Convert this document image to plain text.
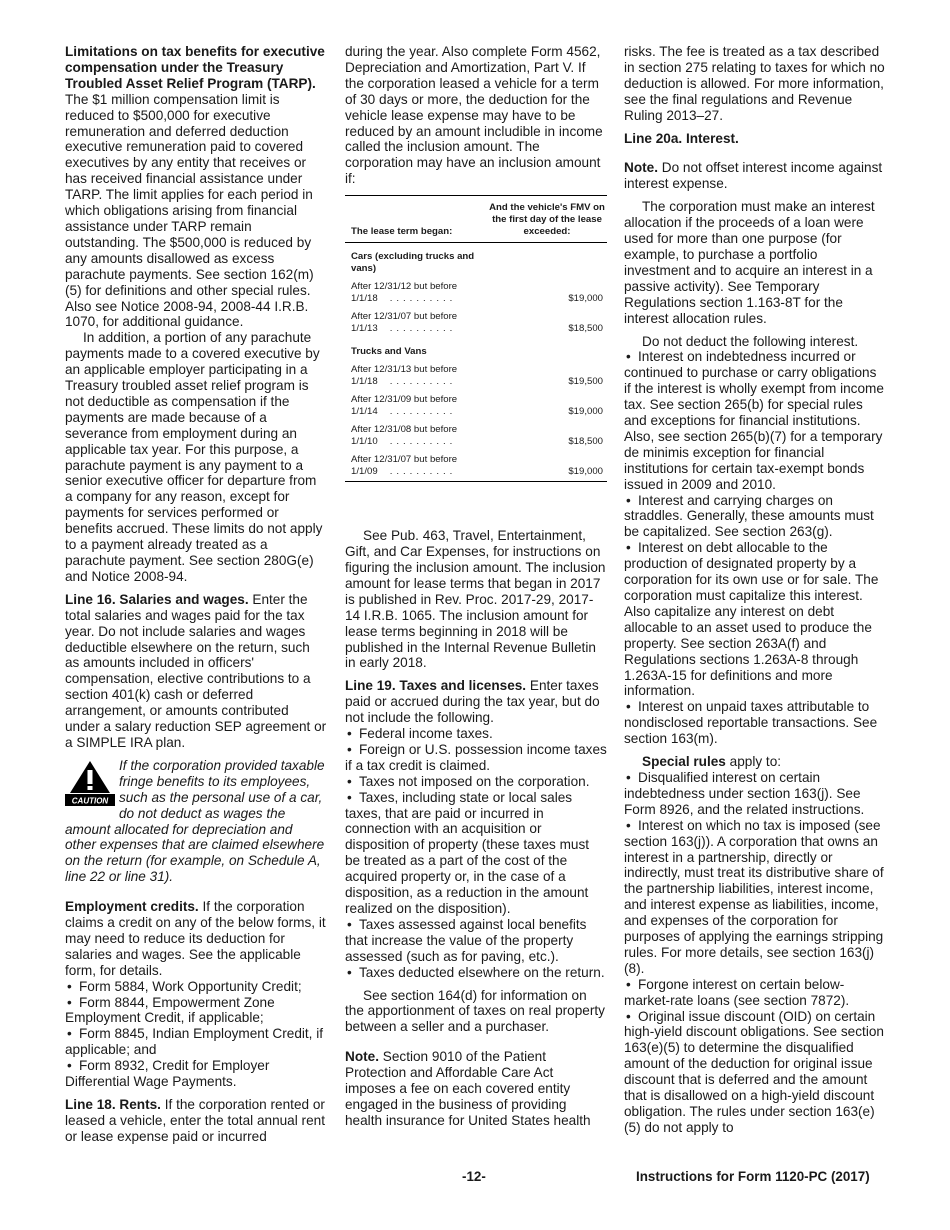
Limitations on tax benefits for executive compensation under the Treasury Troubled Asset Relief Program (TARP). The $1 million compensation limit is reduced to $500,000 for executive remuneration and deferred deduction executive remuneration paid to covered executives by any entity that receives or has received financial assistance under TARP. The limit applies for each period in which obligations arising from financial assistance under TARP remain outstanding. The $500,000 is reduced by any amounts disallowed as excess parachute payments. See section 162(m)(5) for definitions and other special rules. Also see Notice 2008-94, 2008-44 I.R.B. 1070, for additional guidance.

In addition, a portion of any parachute payments made to a covered executive by an applicable employer participating in a Treasury troubled asset relief program is not deductible as compensation if the payments are made because of a severance from employment during an applicable tax year. For this purpose, a parachute payment is any payment to a senior executive officer for departure from a company for any reason, except for payments for services performed or benefits accrued. These limits do not apply to a payment already treated as a parachute payment. See section 280G(e) and Notice 2008-94.

Line 16. Salaries and wages. Enter the total salaries and wages paid for the tax year. Do not include salaries and wages deductible elsewhere on the return, such as amounts included in officers' compensation, elective contributions to a section 401(k) cash or deferred arrangement, or amounts contributed under a salary reduction SEP agreement or a SIMPLE IRA plan.

CAUTION
If the corporation provided taxable fringe benefits to its employees, such as the personal use of a car, do not deduct as wages the amount allocated for depreciation and other expenses that are claimed elsewhere on the return (for example, on Schedule A, line 22 or line 31).

Employment credits. If the corporation claims a credit on any of the below forms, it may need to reduce its deduction for salaries and wages. See the applicable form, for details.

• Form 5884, Work Opportunity Credit;

• Form 8844, Empowerment Zone Employment Credit, if applicable;

• Form 8845, Indian Employment Credit, if applicable; and

• Form 8932, Credit for Employer Differential Wage Payments.

Line 18. Rents. If the corporation rented or leased a vehicle, enter the total annual rent or lease expense paid or incurred

during the year. Also complete Form 4562, Depreciation and Amortization, Part V. If the corporation leased a vehicle for a term of 30 days or more, the deduction for the vehicle lease expense may have to be reduced by an amount includible in income called the inclusion amount. The corporation may have an inclusion amount if:

The lease term began:	And the vehicle's FMV on the first day of the lease exceeded:
Cars (excluding trucks and vans)	
After 12/31/12 but before 1/1/18 ..........	$19,000
After 12/31/07 but before 1/1/13 ..........	$18,500
Trucks and Vans	
After 12/31/13 but before 1/1/18 ..........	$19,500
After 12/31/09 but before 1/1/14 ..........	$19,000
After 12/31/08 but before 1/1/10 ..........	$18,500
After 12/31/07 but before 1/1/09 ..........	$19,000

See Pub. 463, Travel, Entertainment, Gift, and Car Expenses, for instructions on figuring the inclusion amount. The inclusion amount for lease terms that began in 2017 is published in Rev. Proc. 2017-29, 2017-14 I.R.B. 1065. The inclusion amount for lease terms beginning in 2018 will be published in the Internal Revenue Bulletin in early 2018.

Line 19. Taxes and licenses. Enter taxes paid or accrued during the tax year, but do not include the following.

• Federal income taxes.

• Foreign or U.S. possession income taxes if a tax credit is claimed.

• Taxes not imposed on the corporation.

• Taxes, including state or local sales taxes, that are paid or incurred in connection with an acquisition or disposition of property (these taxes must be treated as a part of the cost of the acquired property or, in the case of a disposition, as a reduction in the amount realized on the disposition).

• Taxes assessed against local benefits that increase the value of the property assessed (such as for paving, etc.).

• Taxes deducted elsewhere on the return.

See section 164(d) for information on the apportionment of taxes on real property between a seller and a purchaser.

Note. Section 9010 of the Patient Protection and Affordable Care Act imposes a fee on each covered entity engaged in the business of providing health insurance for United States health

risks. The fee is treated as a tax described in section 275 relating to taxes for which no deduction is allowed. For more information, see the final regulations and Revenue Ruling 2013–27.

Line 20a. Interest.

Note. Do not offset interest income against interest expense.

The corporation must make an interest allocation if the proceeds of a loan were used for more than one purpose (for example, to purchase a portfolio investment and to acquire an interest in a passive activity). See Temporary Regulations section 1.163-8T for the interest allocation rules.

Do not deduct the following interest.

• Interest on indebtedness incurred or continued to purchase or carry obligations if the interest is wholly exempt from income tax. See section 265(b) for special rules and exceptions for financial institutions. Also, see section 265(b)(7) for a temporary de minimis exception for financial institutions for certain tax-exempt bonds issued in 2009 and 2010.

• Interest and carrying charges on straddles. Generally, these amounts must be capitalized. See section 263(g).

• Interest on debt allocable to the production of designated property by a corporation for its own use or for sale. The corporation must capitalize this interest. Also capitalize any interest on debt allocable to an asset used to produce the property. See section 263A(f) and Regulations sections 1.263A-8 through 1.263A-15 for definitions and more information.

• Interest on unpaid taxes attributable to nondisclosed reportable transactions. See section 163(m).

Special rules apply to:

• Disqualified interest on certain indebtedness under section 163(j). See Form 8926, and the related instructions.

• Interest on which no tax is imposed (see section 163(j)). A corporation that owns an interest in a partnership, directly or indirectly, must treat its distributive share of the partnership liabilities, interest income, and interest expense as liabilities, income, and expenses of the corporation for purposes of applying the earnings stripping rules. For more details, see section 163(j)(8).

• Forgone interest on certain below-market-rate loans (see section 7872).

• Original issue discount (OID) on certain high-yield discount obligations. See section 163(e)(5) to determine the disqualified amount of the deduction for original issue discount that is deferred and the amount that is disallowed on a high-yield discount obligation. The rules under section 163(e)(5) do not apply to

-12-	Instructions for Form 1120-PC (2017)
